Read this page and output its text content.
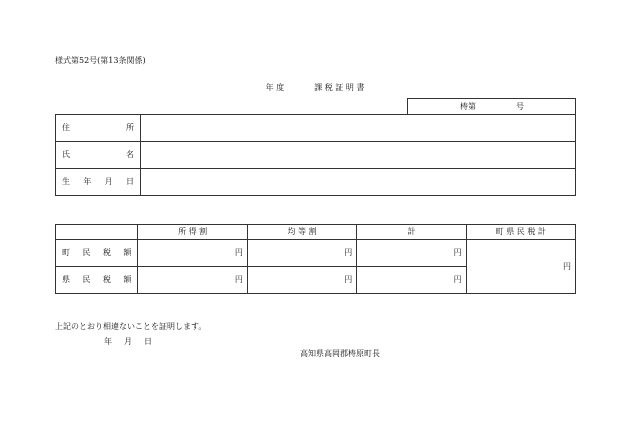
様式第52号(第13条関係)
年 度	課 税 証 明 書
梼第	号
住 所	

氏 名	

生 年 月 日	

	所 得 割	均 等 割	計	町 県 民 税 計

町 民 税 額	円	円	円	円

県 民 税 額	円	円	円	
上記のとおり相違ないことを証明します。
年 月 日
高知県高岡郡梼原町長
